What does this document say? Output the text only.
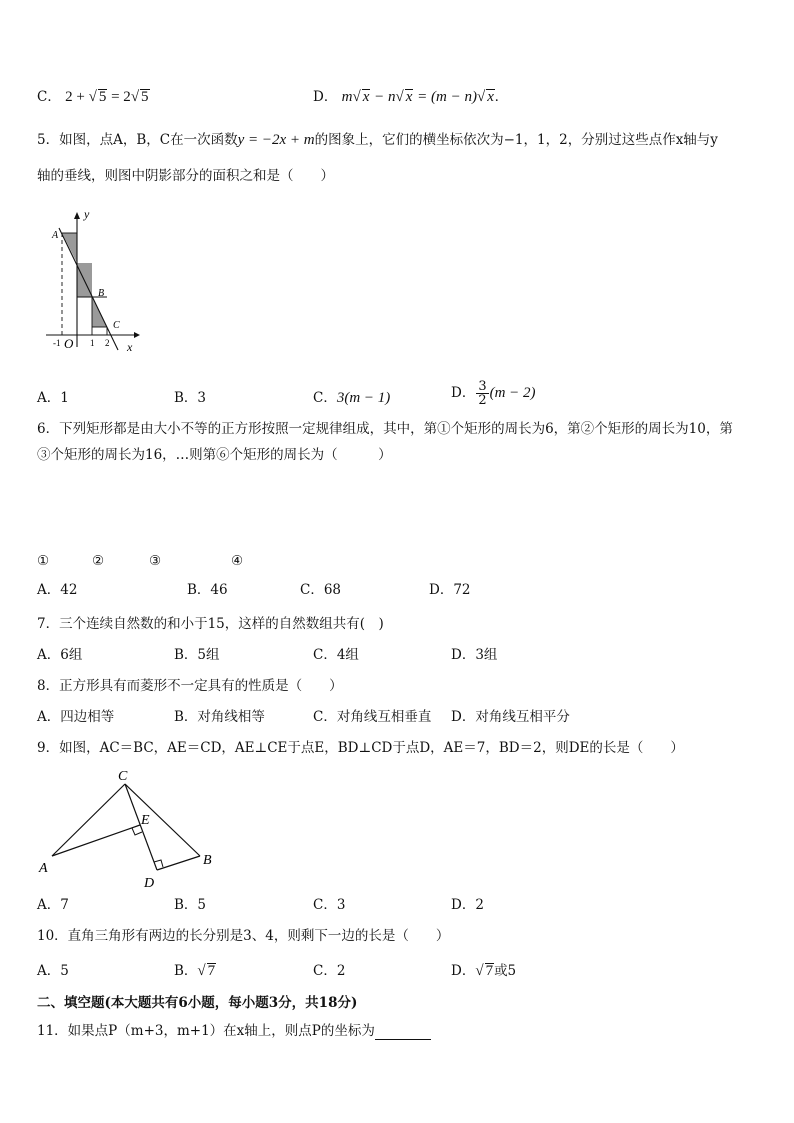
C． 2 + √ 5 = 2√ 5	D． m√ x − n√ x = (m − n)√ x.
5．如图，点A，B，C在一次函数y = −2x + m的图象上，它们的横坐标依次为−1，1，2，分别过这些点作x轴与y
轴的垂线，则图中阴影部分的面积之和是（　　）
y
x
A
B
C
O
-1	1 2
A．1	B．3	C．3(m − 1)	D． $\frac{3}{2} (m - 2)$
6．下列矩形都是由大小不等的正方形按照一定规律组成，其中，第①个矩形的周长为6，第②个矩形的周长为10，第
③个矩形的周长为16，…则第⑥个矩形的周长为（　　　）
①	②	③	④
A．42	B．46	C．68	D．72
7．三个连续自然数的和小于15，这样的自然数组共有(　)
A．6组	B．5组	C．4组	D．3组
8．正方形具有而菱形不一定具有的性质是（　　）
A．四边相等	B．对角线相等	C．对角线互相垂直 D．对角线互相平分
9．如图，AC＝BC，AE＝CD，AE⊥CE于点E，BD⊥CD于点D，AE＝7，BD＝2，则DE的长是（　　）
C
E
A
B
D
A．7	B．5	C．3	D．2
10．直角三角形有两边的长分别是3、4，则剩下一边的长是（　　）
A．5	B．√ 7	C．2	D．√ 7或5
二、填空题(本大题共有6小题，每小题3分，共18分)
11．如果点P（m+3，m+1）在x轴上，则点P的坐标为
